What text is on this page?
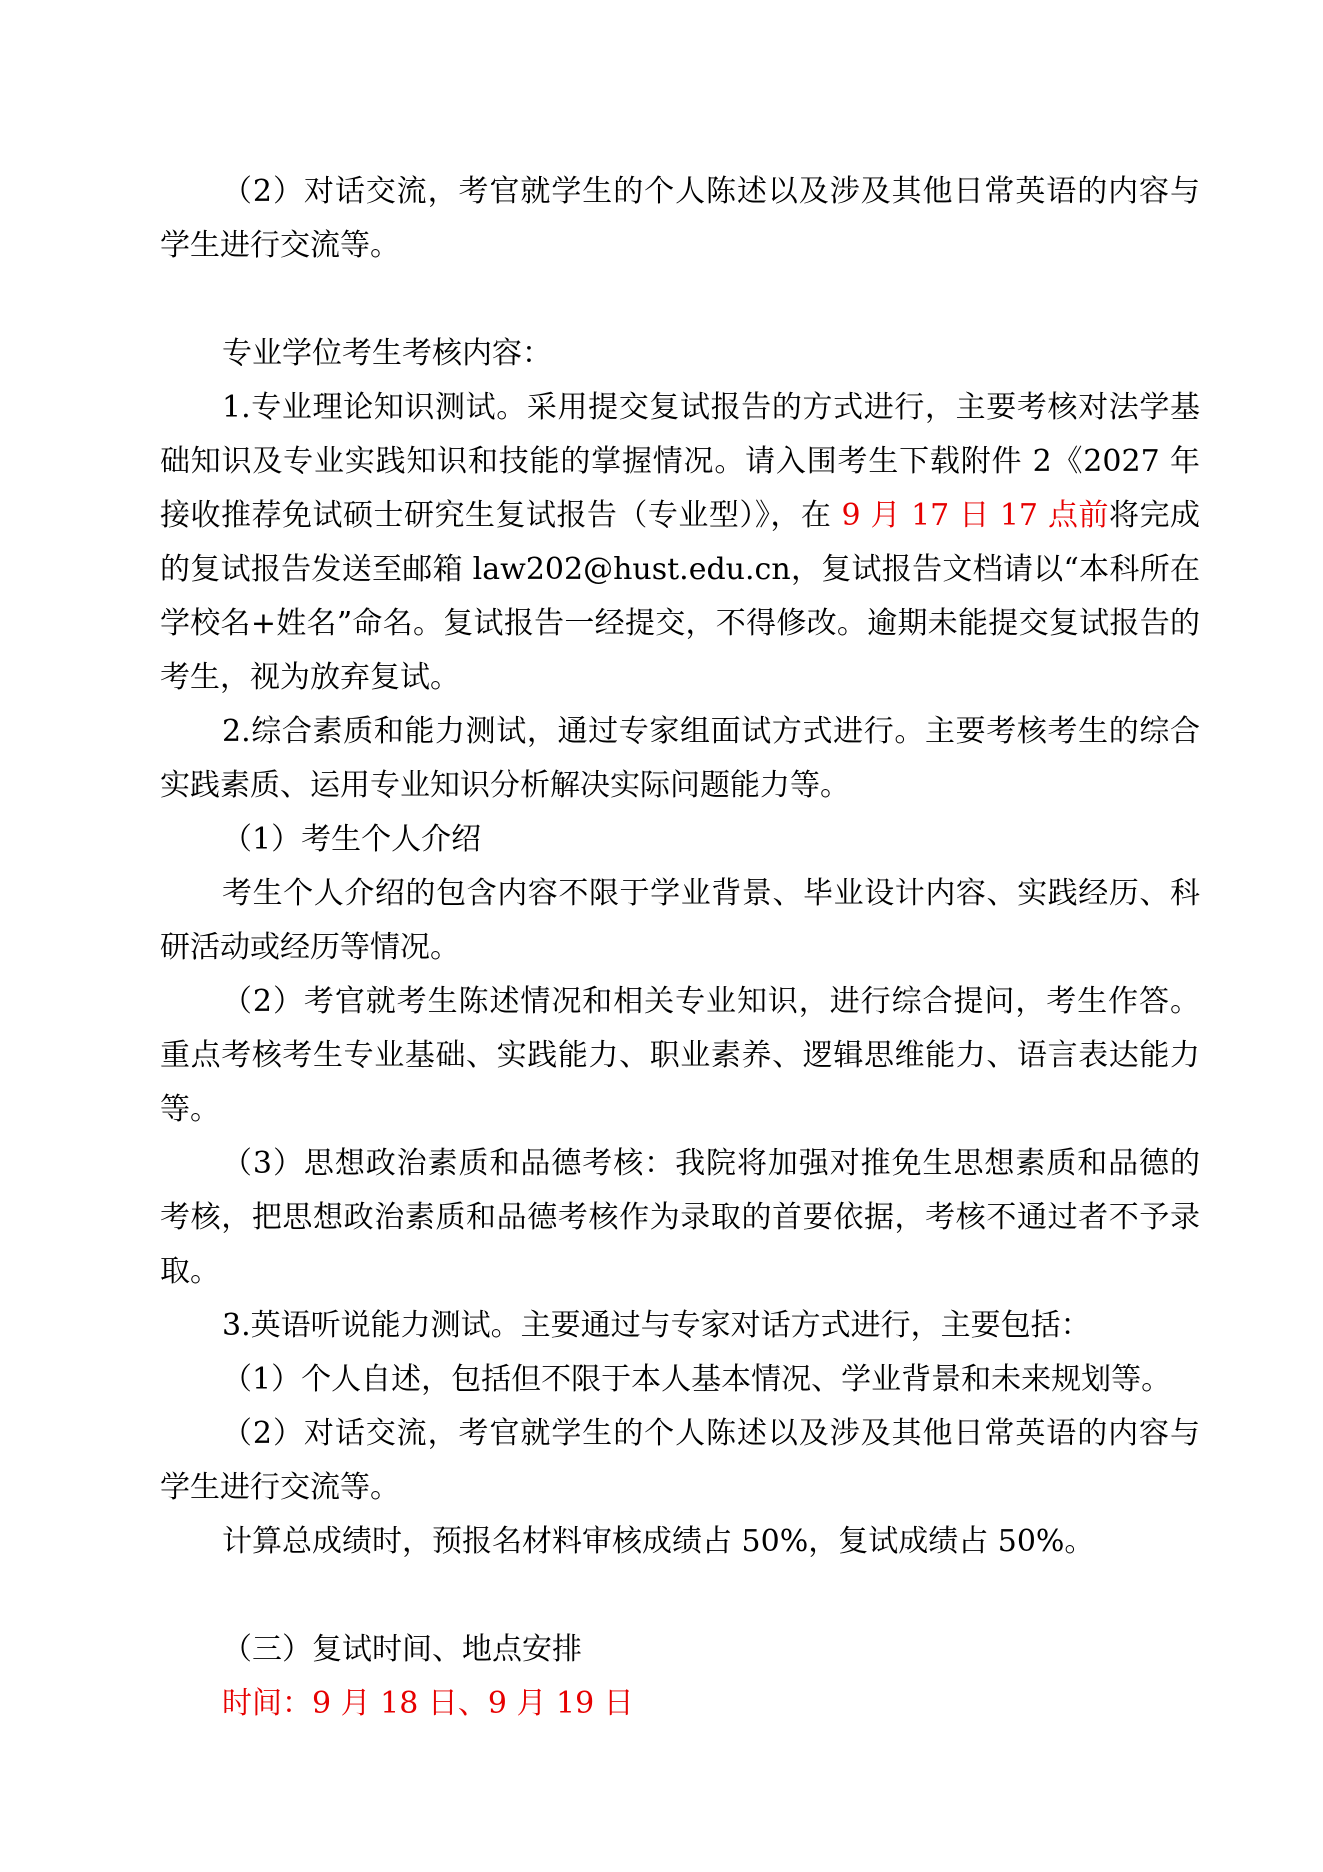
（2）对话交流，考官就学生的个人陈述以及涉及其他日常英语的内容与学生进行交流等。

专业学位考生考核内容：

1.专业理论知识测试。采用提交复试报告的方式进行，主要考核对法学基础知识及专业实践知识和技能的掌握情况。请入围考生下载附件 2《2027 年接收推荐免试硕士研究生复试报告（专业型）》，在 9 月 17 日 17 点前将完成的复试报告发送至邮箱 law202@hust.edu.cn，复试报告文档请以“本科所在学校名+姓名”命名。复试报告一经提交，不得修改。逾期未能提交复试报告的考生，视为放弃复试。

2.综合素质和能力测试，通过专家组面试方式进行。主要考核考生的综合实践素质、运用专业知识分析解决实际问题能力等。

（1）考生个人介绍

考生个人介绍的包含内容不限于学业背景、毕业设计内容、实践经历、科研活动或经历等情况。

（2）考官就考生陈述情况和相关专业知识，进行综合提问，考生作答。重点考核考生专业基础、实践能力、职业素养、逻辑思维能力、语言表达能力等。

（3）思想政治素质和品德考核：我院将加强对推免生思想素质和品德的考核，把思想政治素质和品德考核作为录取的首要依据，考核不通过者不予录取。

3.英语听说能力测试。主要通过与专家对话方式进行，主要包括：

（1）个人自述，包括但不限于本人基本情况、学业背景和未来规划等。

（2）对话交流，考官就学生的个人陈述以及涉及其他日常英语的内容与学生进行交流等。

计算总成绩时，预报名材料审核成绩占 50%，复试成绩占 50%。

（三）复试时间、地点安排

时间：9 月 18 日、9 月 19 日
